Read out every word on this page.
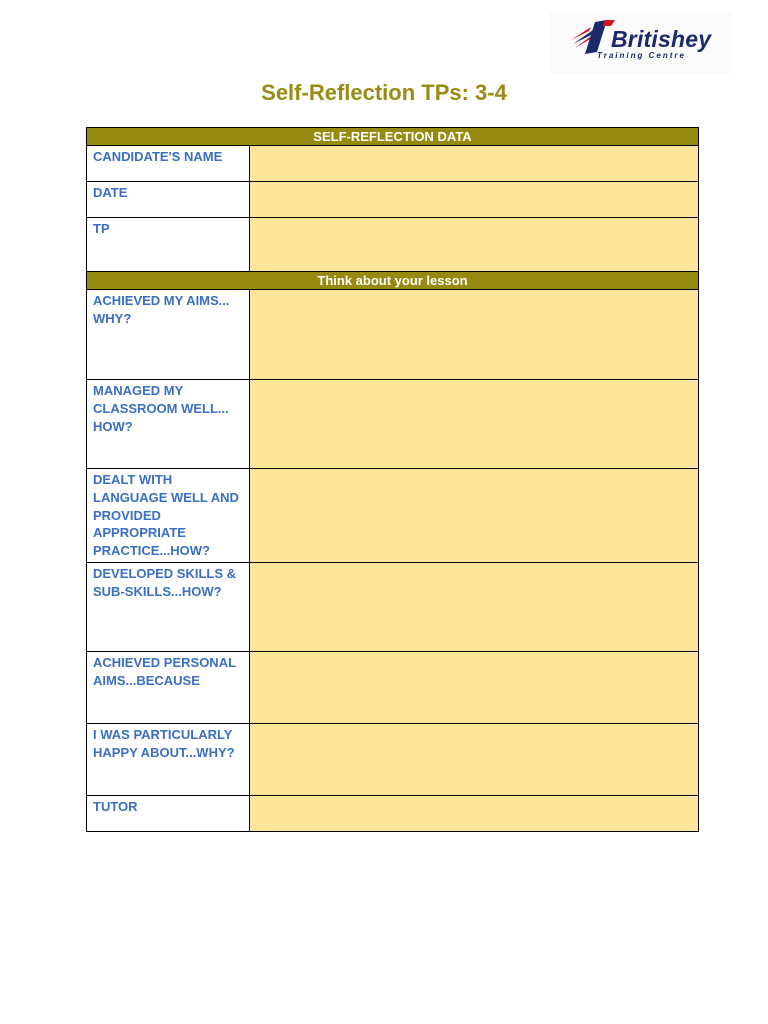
Britishey
Training Centre
Self-Reflection TPs: 3-4
SELF-REFLECTION DATA	
CANDIDATE'S NAME	
DATE	
TP	
Think about your lesson	
ACHIEVED MY AIMS... WHY?	
MANAGED MY CLASSROOM WELL... HOW?	
DEALT WITH LANGUAGE WELL AND PROVIDED APPROPRIATE PRACTICE...HOW?	
DEVELOPED SKILLS & SUB-SKILLS...HOW?	
ACHIEVED PERSONAL AIMS...BECAUSE	
I WAS PARTICULARLY HAPPY ABOUT...WHY?	
TUTOR	
